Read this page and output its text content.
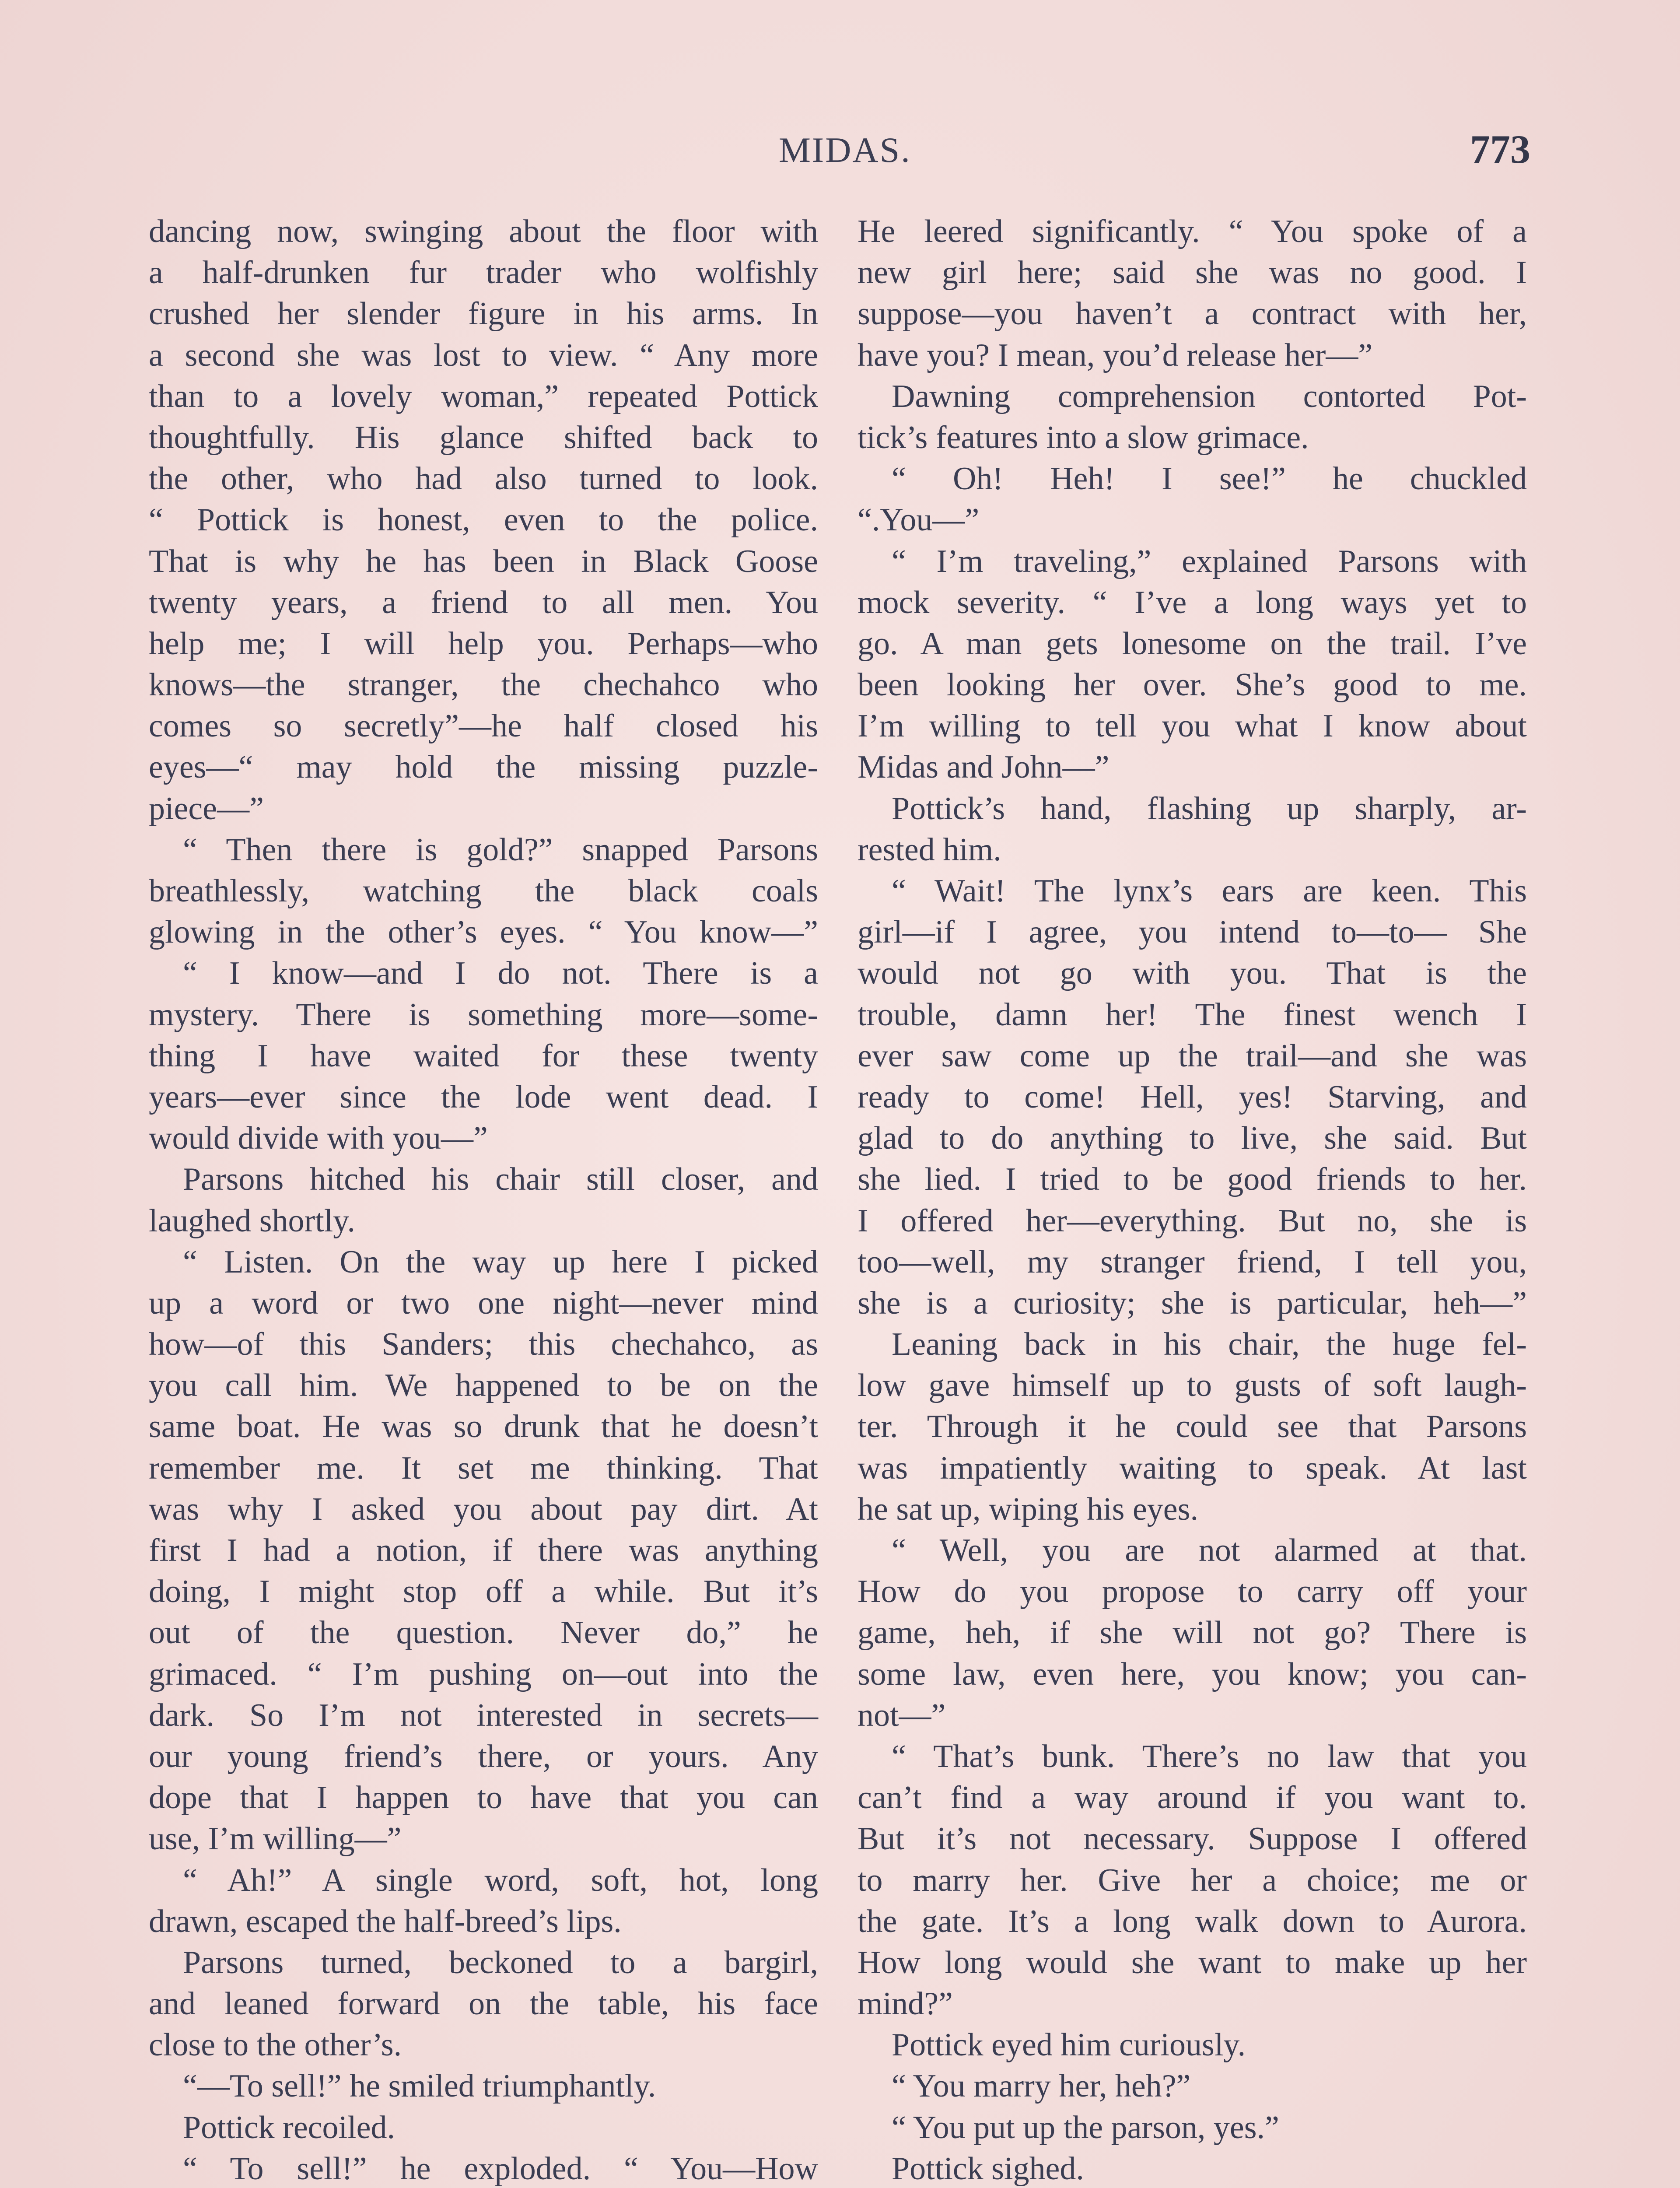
MIDAS.	773
dancing now, swinging about the floor with
a half-drunken fur trader who wolfishly
crushed her slender figure in his arms. In
a second she was lost to view. “ Any more
than to a lovely woman,” repeated Pottick
thoughtfully. His glance shifted back to
the other, who had also turned to look.
“ Pottick is honest, even to the police.
That is why he has been in Black Goose
twenty years, a friend to all men. You
help me; I will help you. Perhaps—who
knows—the stranger, the chechahco who
comes so secretly”—he half closed his
eyes—“ may hold the missing puzzle-
piece—”
“ Then there is gold?” snapped Parsons
breathlessly, watching the black coals
glowing in the other’s eyes. “ You know—”
“ I know—and I do not. There is a
mystery. There is something more—some-
thing I have waited for these twenty
years—ever since the lode went dead. I
would divide with you—”
Parsons hitched his chair still closer, and
laughed shortly.
“ Listen. On the way up here I picked
up a word or two one night—never mind
how—of this Sanders; this chechahco, as
you call him. We happened to be on the
same boat. He was so drunk that he doesn’t
remember me. It set me thinking. That
was why I asked you about pay dirt. At
first I had a notion, if there was anything
doing, I might stop off a while. But it’s
out of the question. Never do,” he
grimaced. “ I’m pushing on—out into the
dark. So I’m not interested in secrets—
our young friend’s there, or yours. Any
dope that I happen to have that you can
use, I’m willing—”
“ Ah!” A single word, soft, hot, long
drawn, escaped the half-breed’s lips.
Parsons turned, beckoned to a bargirl,
and leaned forward on the table, his face
close to the other’s.
“—To sell!” he smiled triumphantly.
Pottick recoiled.
“ To sell!” he exploded. “ You—How
He leered significantly. “ You spoke of a
new girl here; said she was no good. I
suppose—you haven’t a contract with her,
have you? I mean, you’d release her—”
Dawning comprehension contorted Pot-
tick’s features into a slow grimace.
“ Oh! Heh! I see!” he chuckled
“.You—”
“ I’m traveling,” explained Parsons with
mock severity. “ I’ve a long ways yet to
go. A man gets lonesome on the trail. I’ve
been looking her over. She’s good to me.
I’m willing to tell you what I know about
Midas and John—”
Pottick’s hand, flashing up sharply, ar-
rested him.
“ Wait! The lynx’s ears are keen. This
girl—if I agree, you intend to—to— She
would not go with you. That is the
trouble, damn her! The finest wench I
ever saw come up the trail—and she was
ready to come! Hell, yes! Starving, and
glad to do anything to live, she said. But
she lied. I tried to be good friends to her.
I offered her—everything. But no, she is
too—well, my stranger friend, I tell you,
she is a curiosity; she is particular, heh—”
Leaning back in his chair, the huge fel-
low gave himself up to gusts of soft laugh-
ter. Through it he could see that Parsons
was impatiently waiting to speak. At last
he sat up, wiping his eyes.
“ Well, you are not alarmed at that.
How do you propose to carry off your
game, heh, if she will not go? There is
some law, even here, you know; you can-
not—”
“ That’s bunk. There’s no law that you
can’t find a way around if you want to.
But it’s not necessary. Suppose I offered
to marry her. Give her a choice; me or
the gate. It’s a long walk down to Aurora.
How long would she want to make up her
mind?”
Pottick eyed him curiously.
“ You marry her, heh?”
“ You put up the parson, yes.”
Pottick sighed.
